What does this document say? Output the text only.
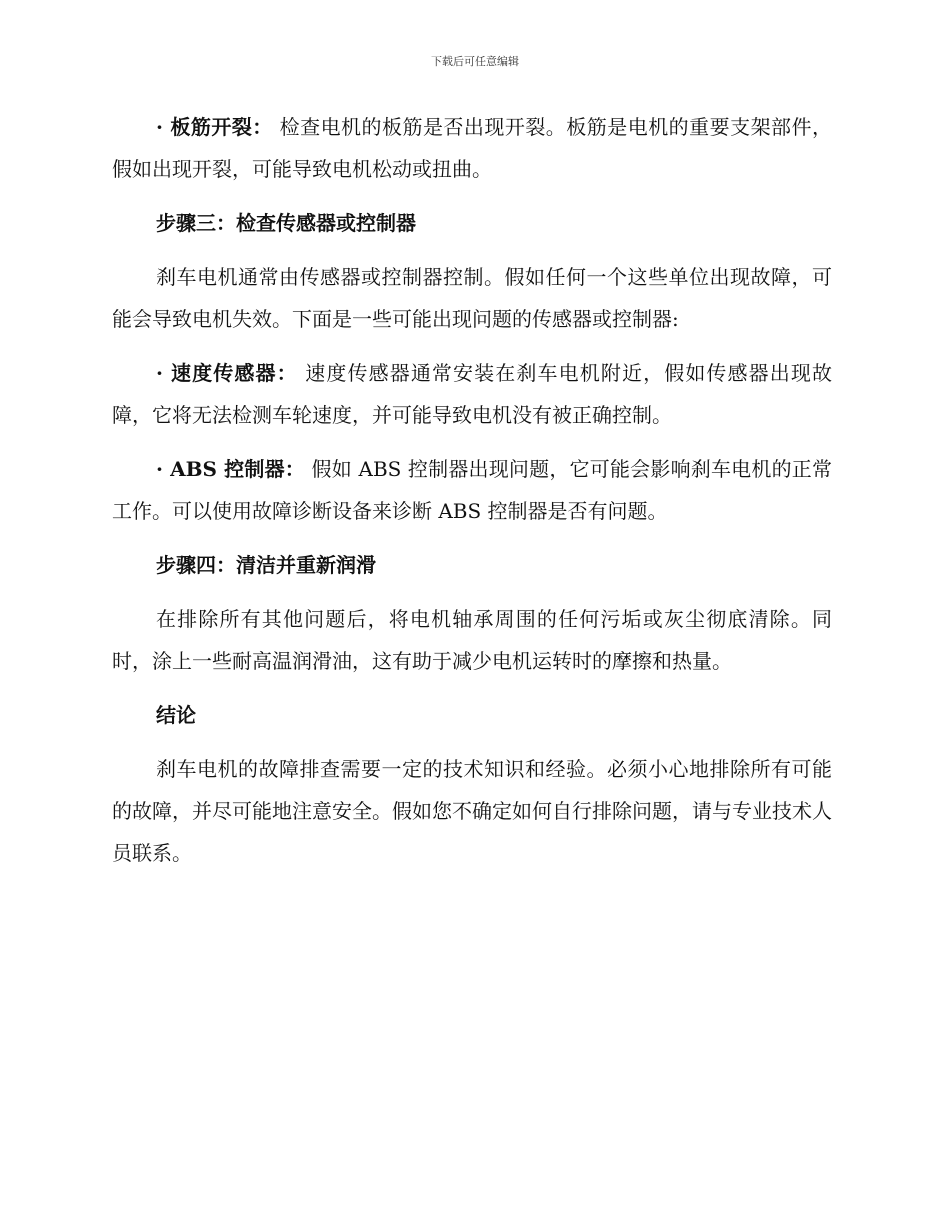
下载后可任意编辑

· 板筋开裂： 检查电机的板筋是否出现开裂。板筋是电机的重要支架部件，假如出现开裂，可能导致电机松动或扭曲。

步骤三：检查传感器或控制器

刹车电机通常由传感器或控制器控制。假如任何一个这些单位出现故障，可能会导致电机失效。下面是一些可能出现问题的传感器或控制器:

· 速度传感器： 速度传感器通常安装在刹车电机附近，假如传感器出现故障，它将无法检测车轮速度，并可能导致电机没有被正确控制。

· ABS 控制器： 假如 ABS 控制器出现问题，它可能会影响刹车电机的正常工作。可以使用故障诊断设备来诊断 ABS 控制器是否有问题。

步骤四：清洁并重新润滑

在排除所有其他问题后，将电机轴承周围的任何污垢或灰尘彻底清除。同时，涂上一些耐高温润滑油，这有助于减少电机运转时的摩擦和热量。

结论

刹车电机的故障排查需要一定的技术知识和经验。必须小心地排除所有可能的故障，并尽可能地注意安全。假如您不确定如何自行排除问题，请与专业技术人员联系。
